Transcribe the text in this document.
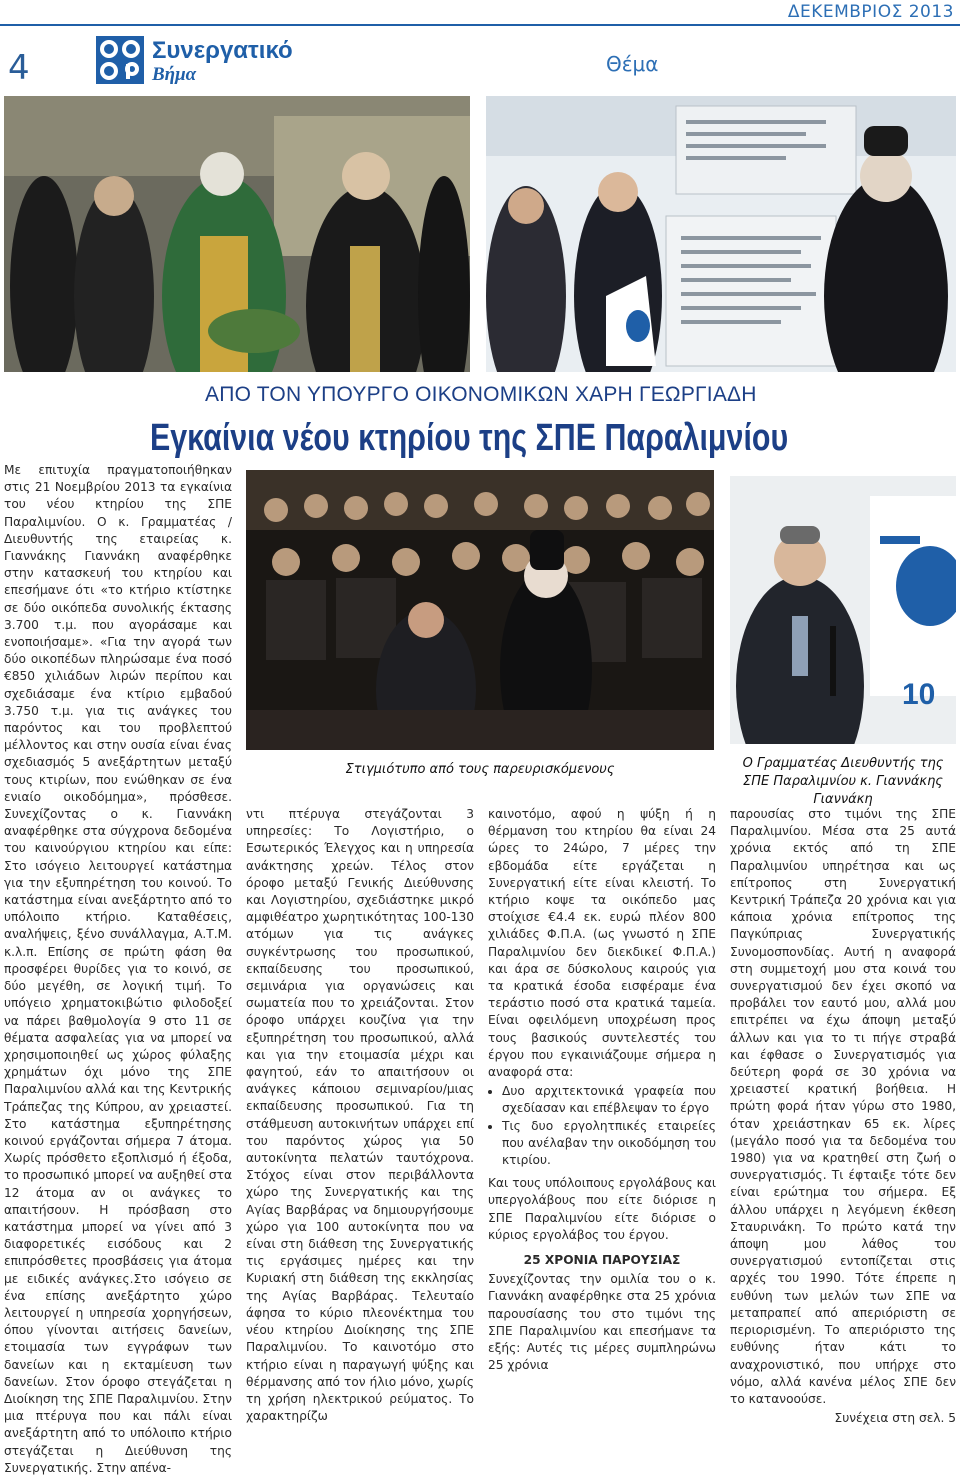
ΔΕΚΕΜΒΡΙΟΣ 2013
4	Συνεργατικό
Βήμα	Θέμα
ΑΠΟ ΤΟΝ ΥΠΟΥΡΓΟ ΟΙΚΟΝΟΜΙΚΩΝ ΧΑΡΗ ΓΕΩΡΓΙΑΔΗ
Εγκαίνια νέου κτηρίου της ΣΠΕ Παραλιμνίου

Με επιτυχία πραγματοποιήθηκαν στις 21 Νοεμβρίου 2013 τα εγκαίνια του νέου κτηρίου της ΣΠΕ Παραλιμνίου. Ο κ. Γραμματέας / Διευθυντής της εταιρείας κ. Γιαννάκης Γιαννάκη αναφέρθηκε στην κατασκευή του κτηρίου και επεσήμανε ότι «το κτήριο κτίστηκε σε δύο οικόπεδα συνολικής έκτασης 3.700 τ.μ. που αγοράσαμε και ενοποιήσαμε». «Για την αγορά των δύο οικοπέδων πληρώσαμε ένα ποσό €850 χιλιάδων λιρών περίπου και σχεδιάσαμε ένα κτίριο εμβαδού 3.750 τ.μ. για τις ανάγκες του παρόντος και του προβλεπτού μέλλοντος και στην ουσία είναι ένας σχεδιασμός 5 ανεξάρτητων μεταξύ τους κτιρίων, που ενώθηκαν σε ένα ενιαίο οικοδόμημα», πρόσθεσε. Συνεχίζοντας ο κ. Γιαννάκη αναφέρθηκε στα σύγχρονα δεδομένα του καινούργιου κτηρίου και είπε: Στο ισόγειο λειτουργεί κατάστημα για την εξυπηρέτηση του κοινού. Το κατάστημα είναι ανεξάρτητο από το υπόλοιπο κτήριο. Καταθέσεις, αναλήψεις, ξένο συνάλλαγμα, Α.Τ.Μ. κ.λ.π. Επίσης σε πρώτη φάση θα προσφέρει θυρίδες για το κοινό, σε δύο μεγέθη, σε λογική τιμή. Το υπόγειο χρηματοκιβώτιο φιλοδοξεί να πάρει βαθμολογία 9 στο 11 σε θέματα ασφαλείας για να μπορεί να χρησιμοποιηθεί ως χώρος φύλαξης χρημάτων όχι μόνο της ΣΠΕ Παραλιμνίου αλλά και της Κεντρικής Τράπεζας της Κύπρου, αν χρειαστεί. Στο κατάστημα εξυπηρέτησης κοινού εργάζονται σήμερα 7 άτομα. Χωρίς πρόσθετο εξοπλισμό ή έξοδα, το προσωπικό μπορεί να αυξηθεί στα 12 άτομα αν οι ανάγκες το απαιτήσουν. Η πρόσβαση στο κατάστημα μπορεί να γίνει από 3 διαφορετικές εισόδους και 2 επιπρόσθετες προσβάσεις για άτομα με ειδικές ανάγκες.Στο ισόγειο σε ένα επίσης ανεξάρτητο χώρο λειτουργεί η υπηρεσία χορηγήσεων, όπου γίνονται αιτήσεις δανείων, ετοιμασία των εγγράφων των δανείων και η εκταμίευση των δανείων. Στον όροφο στεγάζεται η Διοίκηση της ΣΠΕ Παραλιμνίου. Στην μια πτέρυγα που και πάλι είναι ανεξάρτητη από το υπόλοιπο κτήριο στεγάζεται η Διεύθυνση της Συνεργατικής. Στην απένα-

Στιγμιότυπο από τους παρευρισκόμενους
10
Ο Γραμματέας Διευθυντής της ΣΠΕ Παραλιμνίου κ. Γιαννάκης Γιαννάκη

ντι πτέρυγα στεγάζονται 3 υπηρεσίες: Το Λογιστήριο, ο Εσωτερικός Έλεγχος και η υπηρεσία ανάκτησης χρεών. Τέλος στον όροφο μεταξύ Γενικής Διεύθυνσης και Λογιστηρίου, σχεδιάστηκε μικρό αμφιθέατρο χωρητικότητας 100-130 ατόμων για τις ανάγκες συγκέντρωσης του προσωπικού, εκπαίδευσης του προσωπικού, σεμινάρια για οργανώσεις και σωματεία που το χρειάζονται. Στον όροφο υπάρχει κουζίνα για την εξυπηρέτηση του προσωπικού, αλλά και για την ετοιμασία μέχρι και φαγητού, εάν το απαιτήσουν οι ανάγκες κάποιου σεμιναρίου/μιας εκπαίδευσης προσωπικού. Για τη στάθμευση αυτοκινήτων υπάρχει επί του παρόντος χώρος για 50 αυτοκίνητα πελατών ταυτόχρονα. Στόχος είναι στον περιβάλλοντα χώρο της Συνεργατικής και της Αγίας Βαρβάρας να δημιουργήσουμε χώρο για 100 αυτοκίνητα που να είναι στη διάθεση της Συνεργατικής τις εργάσιμες ημέρες και την Κυριακή στη διάθεση της εκκλησίας της Αγίας Βαρβάρας. Τελευταίο άφησα το κύριο πλεονέκτημα του νέου κτηρίου Διοίκησης της ΣΠΕ Παραλιμνίου. Το καινοτόμο στο κτήριο είναι η παραγωγή ψύξης και θέρμανσης από τον ήλιο μόνο, χωρίς τη χρήση ηλεκτρικού ρεύματος. Το χαρακτηρίζω

καινοτόμο, αφού η ψύξη ή η θέρμανση του κτηρίου θα είναι 24 ώρες το 24ώρο, 7 μέρες την εβδομάδα είτε εργάζεται η Συνεργατική είτε είναι κλειστή. Το κτήριο κοψε τα οικόπεδο μας στοίχισε €4.4 εκ. ευρώ πλέον 800 χιλιάδες Φ.Π.Α. (ως γνωστό η ΣΠΕ Παραλιμνίου δεν διεκδικεί Φ.Π.Α.) και άρα σε δύσκολους καιρούς για τα κρατικά έσοδα εισφέραμε ένα τεράστιο ποσό στα κρατικά ταμεία. Είναι οφειλόμενη υποχρέωση προς τους βασικούς συντελεστές του έργου που εγκαινιάζουμε σήμερα η αναφορά στα:

• Δυο αρχιτεκτονικά γραφεία που σχεδίασαν και επέβλεψαν το έργο
• Τις δυο εργολητπικές εταιρείες που ανέλαβαν την οικοδόμηση του κτιρίου.

Και τους υπόλοιπους εργολάβους και υπεργολάβους που είτε διόρισε η ΣΠΕ Παραλιμνίου είτε διόρισε ο κύριος εργολάβος του έργου.

25 ΧΡΟΝΙΑ ΠΑΡΟΥΣΙΑΣ

Συνεχίζοντας την ομιλία του ο κ. Γιαννάκη αναφέρθηκε στα 25 χρόνια παρουσίασης του στο τιμόνι της ΣΠΕ Παραλιμνίου και επεσήμανε τα εξής: Αυτές τις μέρες συμπληρώνω 25 χρόνια

παρουσίας στο τιμόνι της ΣΠΕ Παραλιμνίου. Μέσα στα 25 αυτά χρόνια εκτός από τη ΣΠΕ Παραλιμνίου υπηρέτησα και ως επίτροπος στη Συνεργατική Κεντρική Τράπεζα 20 χρόνια και για κάποια χρόνια επίτροπος της Παγκύπριας Συνεργατικής Συνομοσπονδίας. Αυτή η αναφορά στη συμμετοχή μου στα κοινά του συνεργατισμού δεν έχει σκοπό να προβάλει τον εαυτό μου, αλλά μου επιτρέπει να έχω άποψη μεταξύ άλλων και για το τι πήγε στραβά και έφθασε ο Συνεργατισμός για δεύτερη φορά σε 30 χρόνια να χρειαστεί κρατική βοήθεια. Η πρώτη φορά ήταν γύρω στο 1980, όταν χρειάστηκαν 65 εκ. λίρες (μεγάλο ποσό για τα δεδομένα του 1980) για να κρατηθεί στη ζωή ο συνεργατισμός. Τι έφταιξε τότε δεν είναι ερώτημα του σήμερα. Εξ άλλου υπάρχει η λεγόμενη έκθεση Σταυρινάκη. Το πρώτο κατά την άποψη μου λάθος του συνεργατισμού εντοπίζεται στις αρχές του 1990. Τότε έπρεπε η ευθύνη των μελών των ΣΠΕ να μεταπραπεί από απεριόριστη σε περιορισμένη. Το απεριόριστο της ευθύνης ήταν κάτι το αναχρονιστικό, που υπήρχε στο νόμο, αλλά κανένα μέλος ΣΠΕ δεν το κατανοούσε.

Συνέχεια στη σελ. 5
